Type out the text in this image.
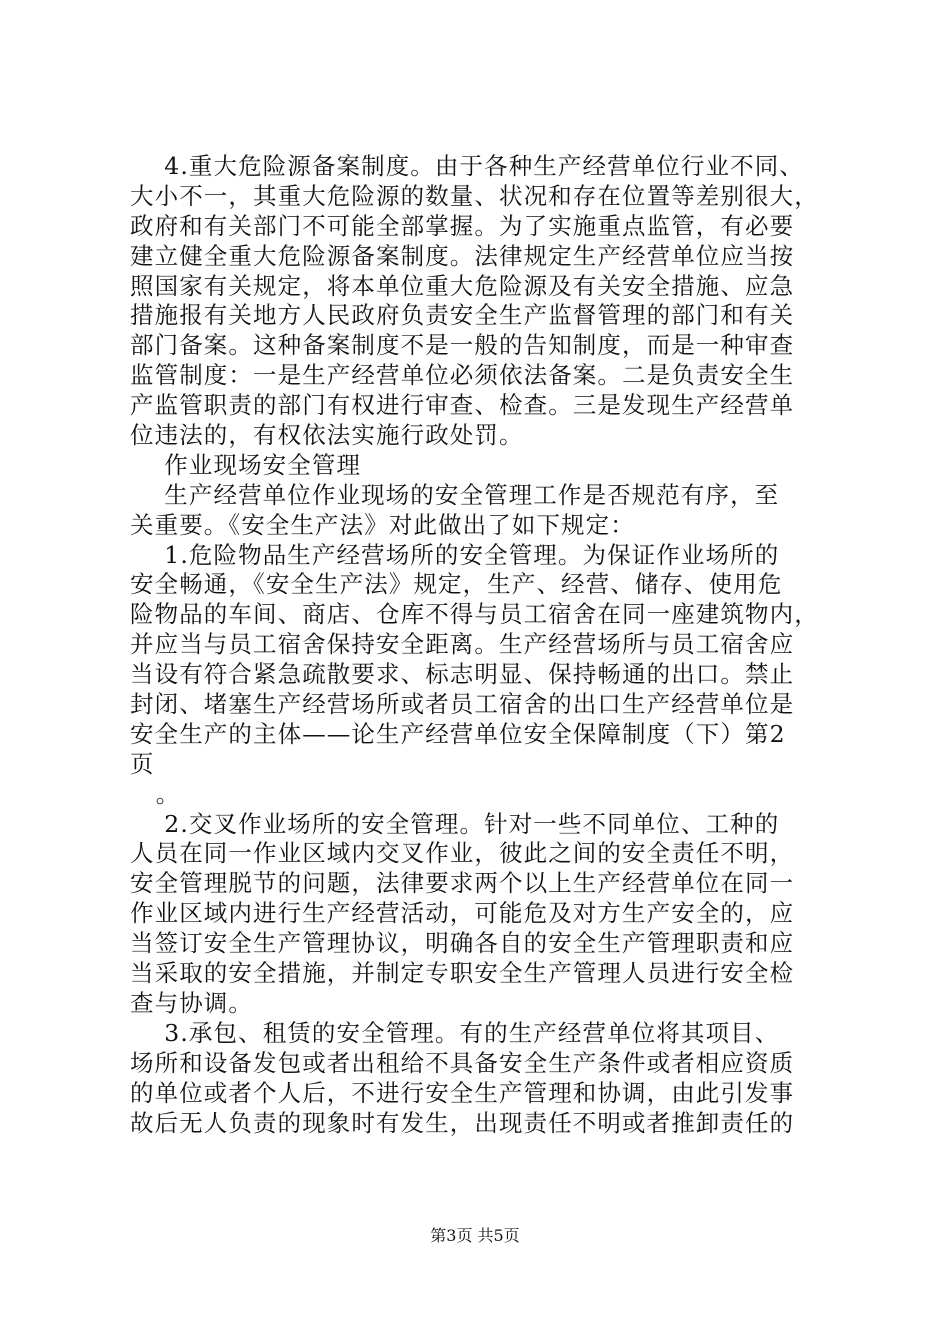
4.重大危险源备案制度。由于各种生产经营单位行业不同、
大小不一，其重大危险源的数量、状况和存在位置等差别很大，
政府和有关部门不可能全部掌握。为了实施重点监管，有必要
建立健全重大危险源备案制度。法律规定生产经营单位应当按
照国家有关规定，将本单位重大危险源及有关安全措施、应急
措施报有关地方人民政府负责安全生产监督管理的部门和有关
部门备案。这种备案制度不是一般的告知制度，而是一种审查
监管制度：一是生产经营单位必须依法备案。二是负责安全生
产监管职责的部门有权进行审查、检查。三是发现生产经营单
位违法的，有权依法实施行政处罚。
作业现场安全管理
生产经营单位作业现场的安全管理工作是否规范有序，至
关重要。《安全生产法》对此做出了如下规定：
1.危险物品生产经营场所的安全管理。为保证作业场所的
安全畅通，《安全生产法》规定，生产、经营、储存、使用危
险物品的车间、商店、仓库不得与员工宿舍在同一座建筑物内，
并应当与员工宿舍保持安全距离。生产经营场所与员工宿舍应
当设有符合紧急疏散要求、标志明显、保持畅通的出口。禁止
封闭、堵塞生产经营场所或者员工宿舍的出口生产经营单位是
安全生产的主体——论生产经营单位安全保障制度（下）第2
页
。
2.交叉作业场所的安全管理。针对一些不同单位、工种的
人员在同一作业区域内交叉作业，彼此之间的安全责任不明，
安全管理脱节的问题，法律要求两个以上生产经营单位在同一
作业区域内进行生产经营活动，可能危及对方生产安全的，应
当签订安全生产管理协议，明确各自的安全生产管理职责和应
当采取的安全措施，并制定专职安全生产管理人员进行安全检
查与协调。
3.承包、租赁的安全管理。有的生产经营单位将其项目、
场所和设备发包或者出租给不具备安全生产条件或者相应资质
的单位或者个人后，不进行安全生产管理和协调，由此引发事
故后无人负责的现象时有发生，出现责任不明或者推卸责任的
第3页 共5页
